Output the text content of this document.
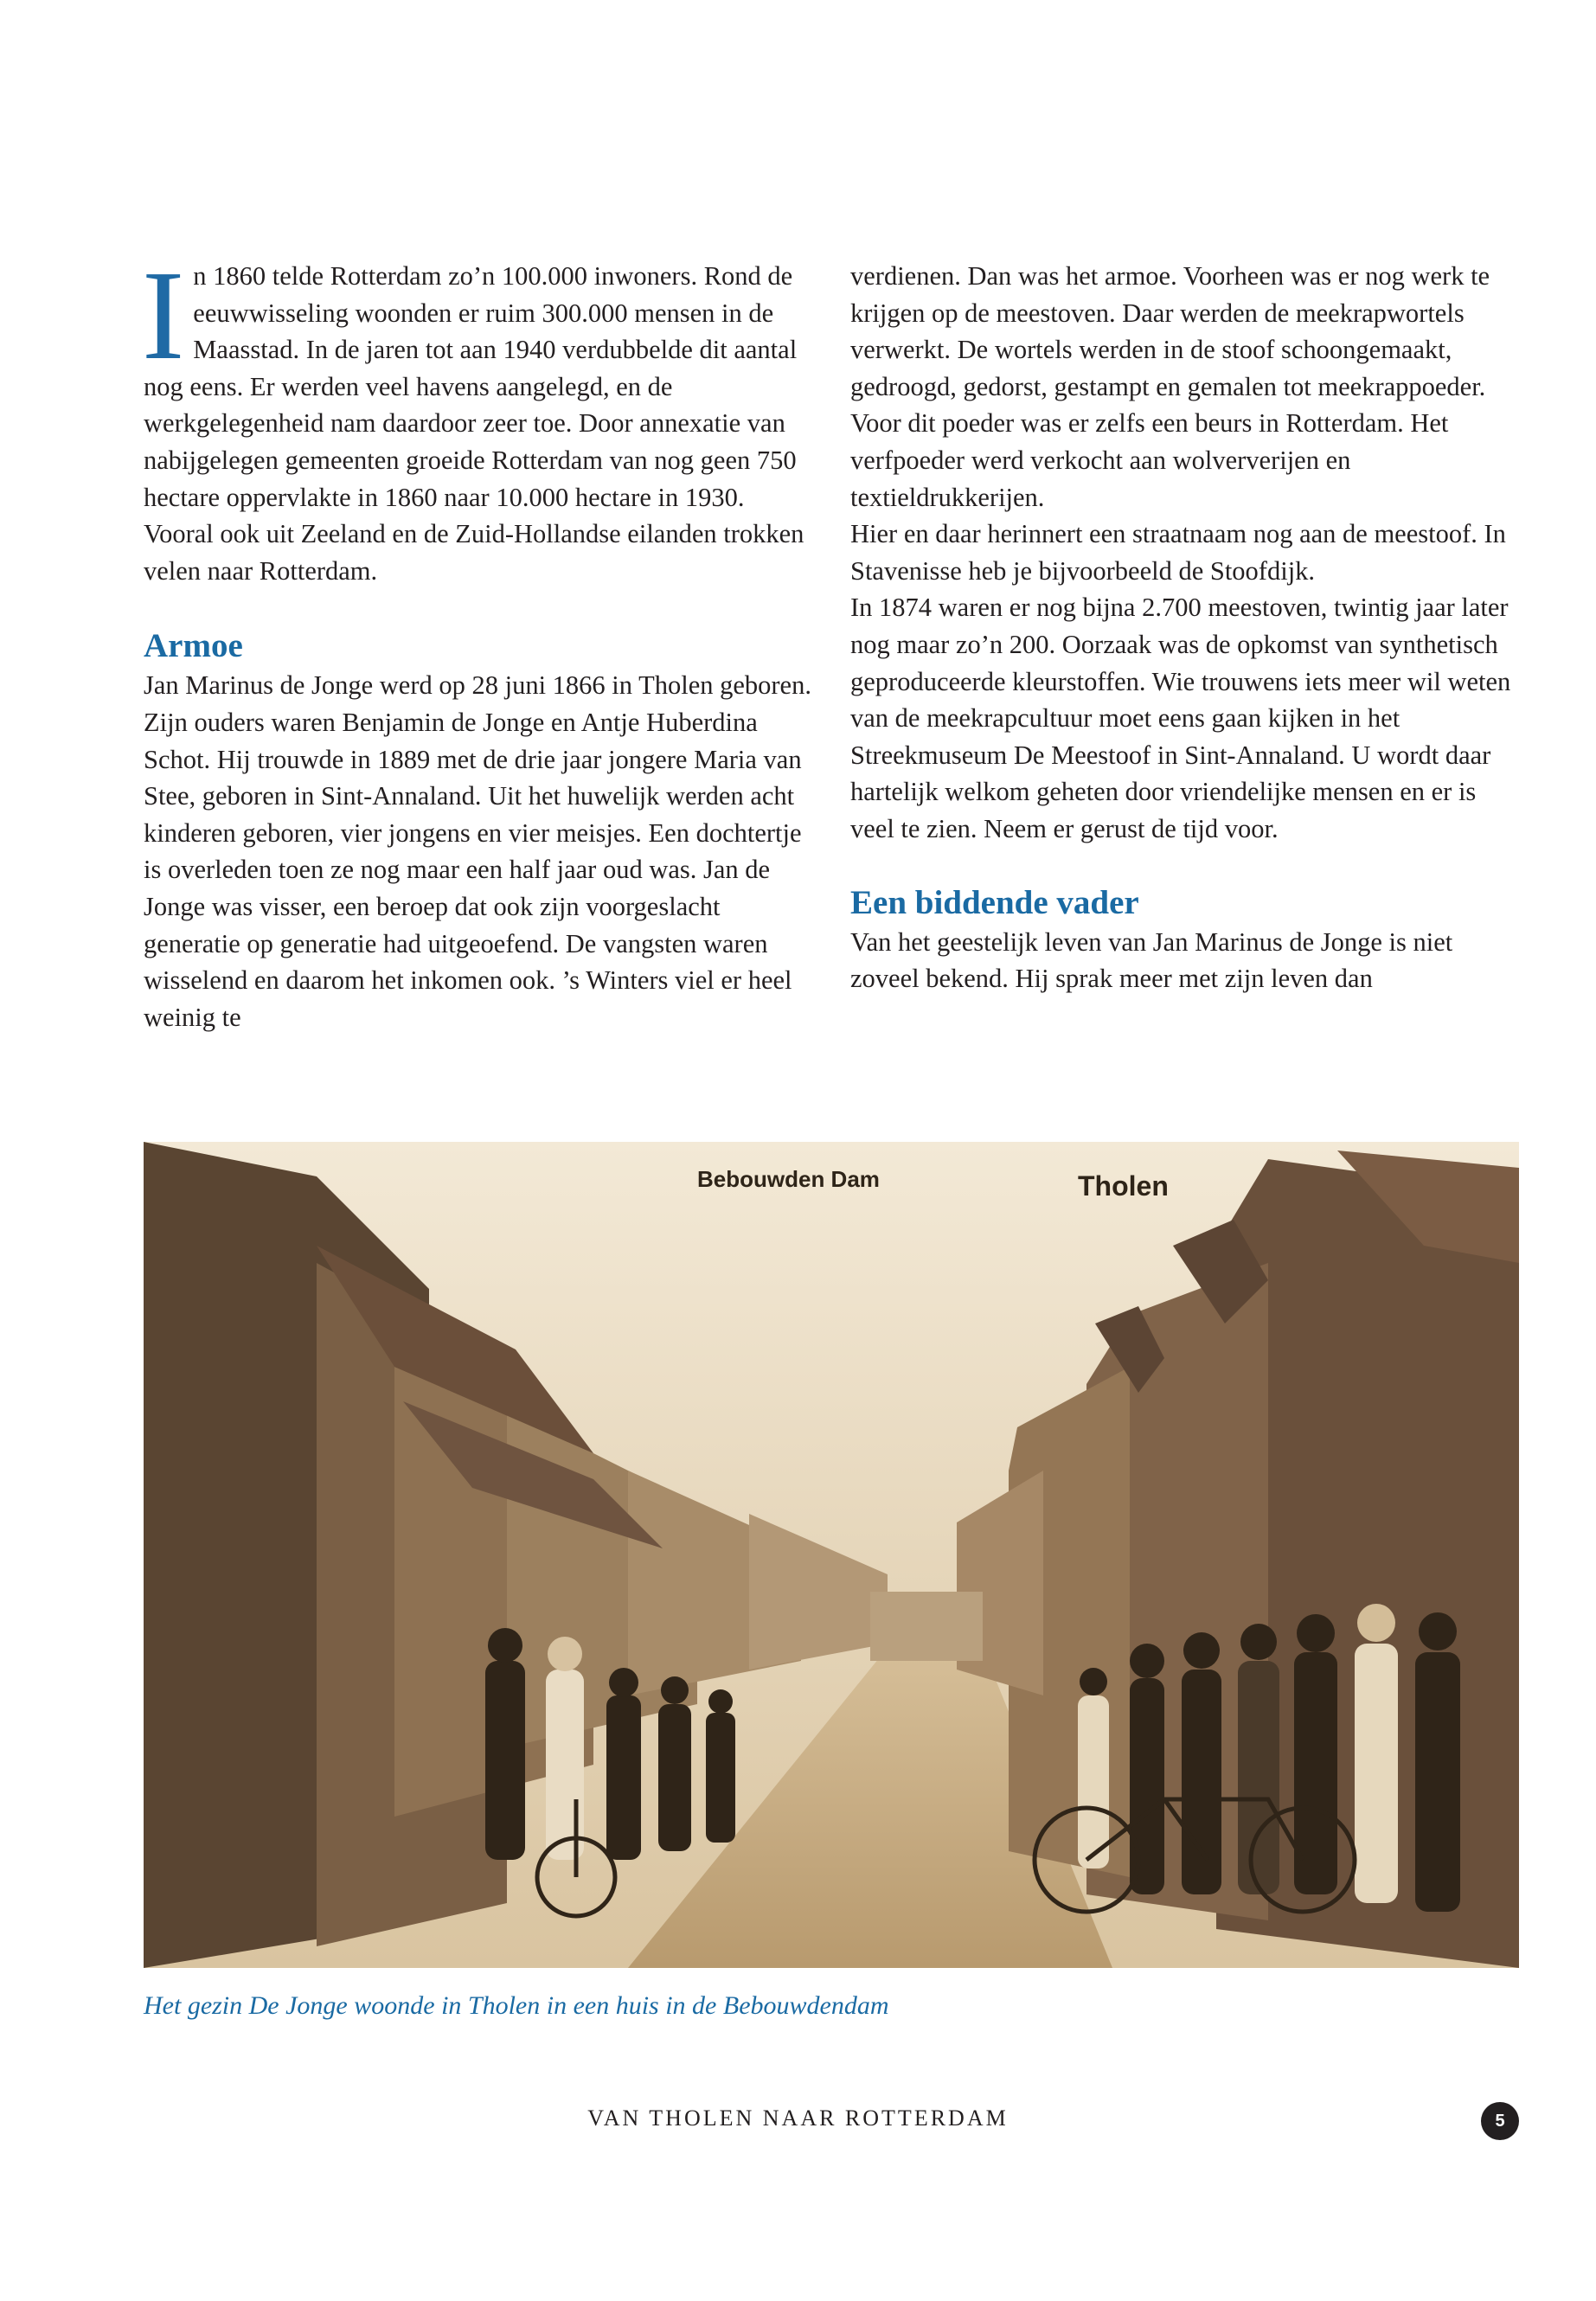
In 1860 telde Rotterdam zo’n 100.000 inwoners. Rond de eeuwwisseling woonden er ruim 300.000 mensen in de Maasstad. In de jaren tot aan 1940 verdubbelde dit aantal nog eens. Er werden veel havens aangelegd, en de werkgelegenheid nam daardoor zeer toe. Door annexatie van nabijgelegen gemeenten groeide Rotterdam van nog geen 750 hectare oppervlakte in 1860 naar 10.000 hectare in 1930. Vooral ook uit Zeeland en de Zuid-Hollandse eilanden trokken velen naar Rotterdam.

Armoe

Jan Marinus de Jonge werd op 28 juni 1866 in Tholen geboren. Zijn ouders waren Benjamin de Jonge en Antje Huberdina Schot. Hij trouwde in 1889 met de drie jaar jongere Maria van Stee, geboren in Sint-Annaland. Uit het huwelijk werden acht kinderen geboren, vier jongens en vier meisjes. Een dochtertje is overleden toen ze nog maar een half jaar oud was. Jan de Jonge was visser, een beroep dat ook zijn voorgeslacht generatie op generatie had uitgeoefend. De vangsten waren wisselend en daarom het inkomen ook. ’s Winters viel er heel weinig te

verdienen. Dan was het armoe. Voorheen was er nog werk te krijgen op de meestoven. Daar werden de meekrapwortels verwerkt. De wortels werden in de stoof schoongemaakt, gedroogd, gedorst, gestampt en gemalen tot meekrappoeder. Voor dit poeder was er zelfs een beurs in Rotterdam. Het verfpoeder werd verkocht aan wolververijen en textieldrukkerijen.

Hier en daar herinnert een straatnaam nog aan de meestoof. In Stavenisse heb je bijvoorbeeld de Stoofdijk.

In 1874 waren er nog bijna 2.700 meestoven, twintig jaar later nog maar zo’n 200. Oorzaak was de opkomst van synthetisch geproduceerde kleurstoffen. Wie trouwens iets meer wil weten van de meekrapcultuur moet eens gaan kijken in het Streekmuseum De Meestoof in Sint-Annaland. U wordt daar hartelijk welkom geheten door vriendelijke mensen en er is veel te zien. Neem er gerust de tijd voor.

Een biddende vader

Van het geestelijk leven van Jan Marinus de Jonge is niet zoveel bekend. Hij sprak meer met zijn leven dan

Bebouwden Dam	Tholen
Het gezin De Jonge woonde in Tholen in een huis in de Bebouwdendam
VAN THOLEN NAAR ROTTERDAM	5
